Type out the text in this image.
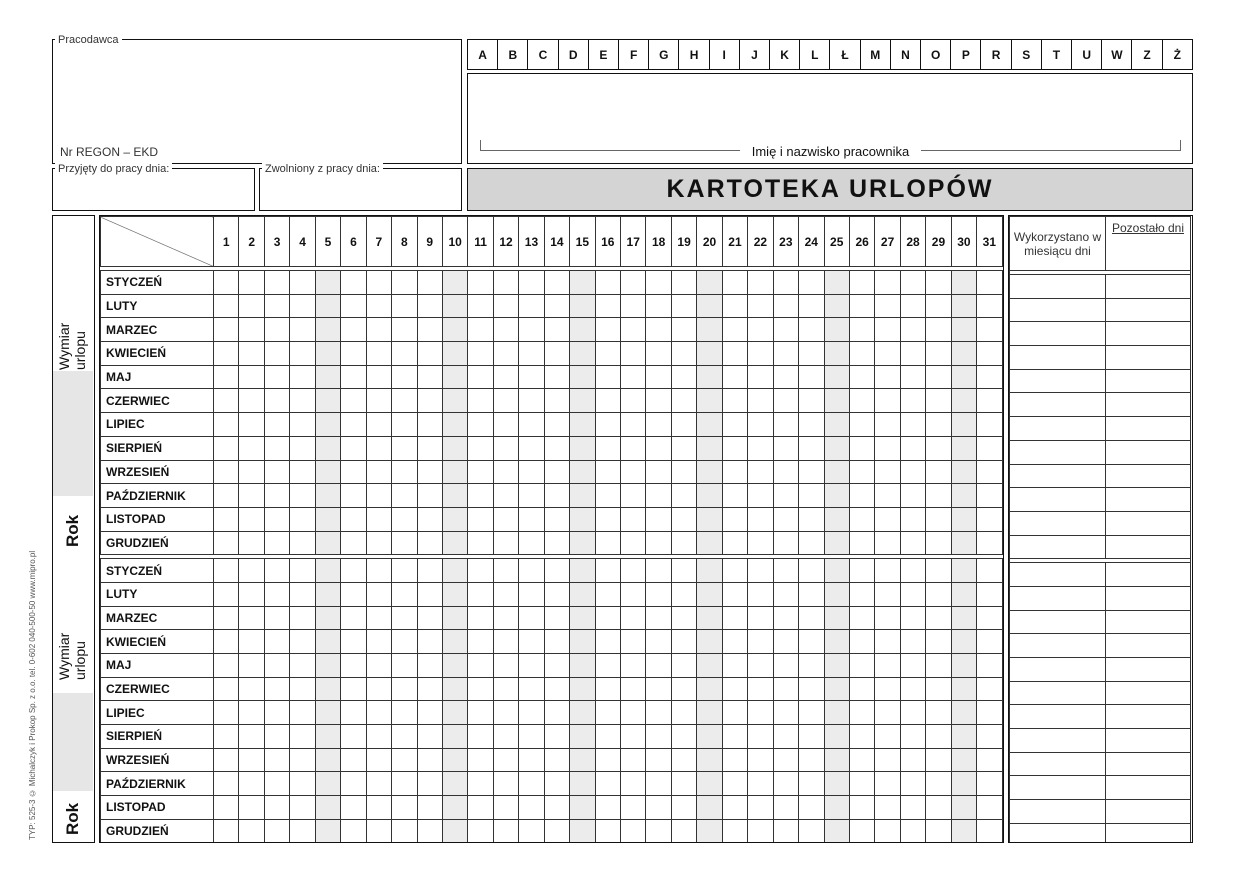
Pracodawca
Nr REGON – EKD
Przyjęty do pracy dnia:	Zwolniony z pracy dnia:
A	B	C	D	E	F	G	H	I	J	K	L	Ł	M	N	O	P	R	S	T	U	W	Z	Ż
Imię i nazwisko pracownika
KARTOTEKA URLOPÓW
Wymiar urlopu
Rok
Wymiar urlopu
Rok
	1	2	3	4	5	6	7	8	9	10	11	12	13	14	15	16	17	18	19	20	21	22	23	24	25	26	27	28	29	30	31

STYCZEŃ																															
LUTY																															
MARZEC																															
KWIECIEŃ																															
MAJ																															
CZERWIEC																															
LIPIEC																															
SIERPIEŃ																															
WRZESIEŃ																															
PAŹDZIERNIK																															
LISTOPAD																															
GRUDZIEŃ																															

STYCZEŃ																															
LUTY																															
MARZEC																															
KWIECIEŃ																															
MAJ																															
CZERWIEC																															
LIPIEC																															
SIERPIEŃ																															
WRZESIEŃ																															
PAŹDZIERNIK																															
LISTOPAD																															
GRUDZIEŃ																															
Wykorzystano w miesiącu dni	Pozostało dni

TYP: 525-3 © Michalczyk i Prokop Sp. z o.o. tel. 0-602 040-500-50 www.mipro.pl
